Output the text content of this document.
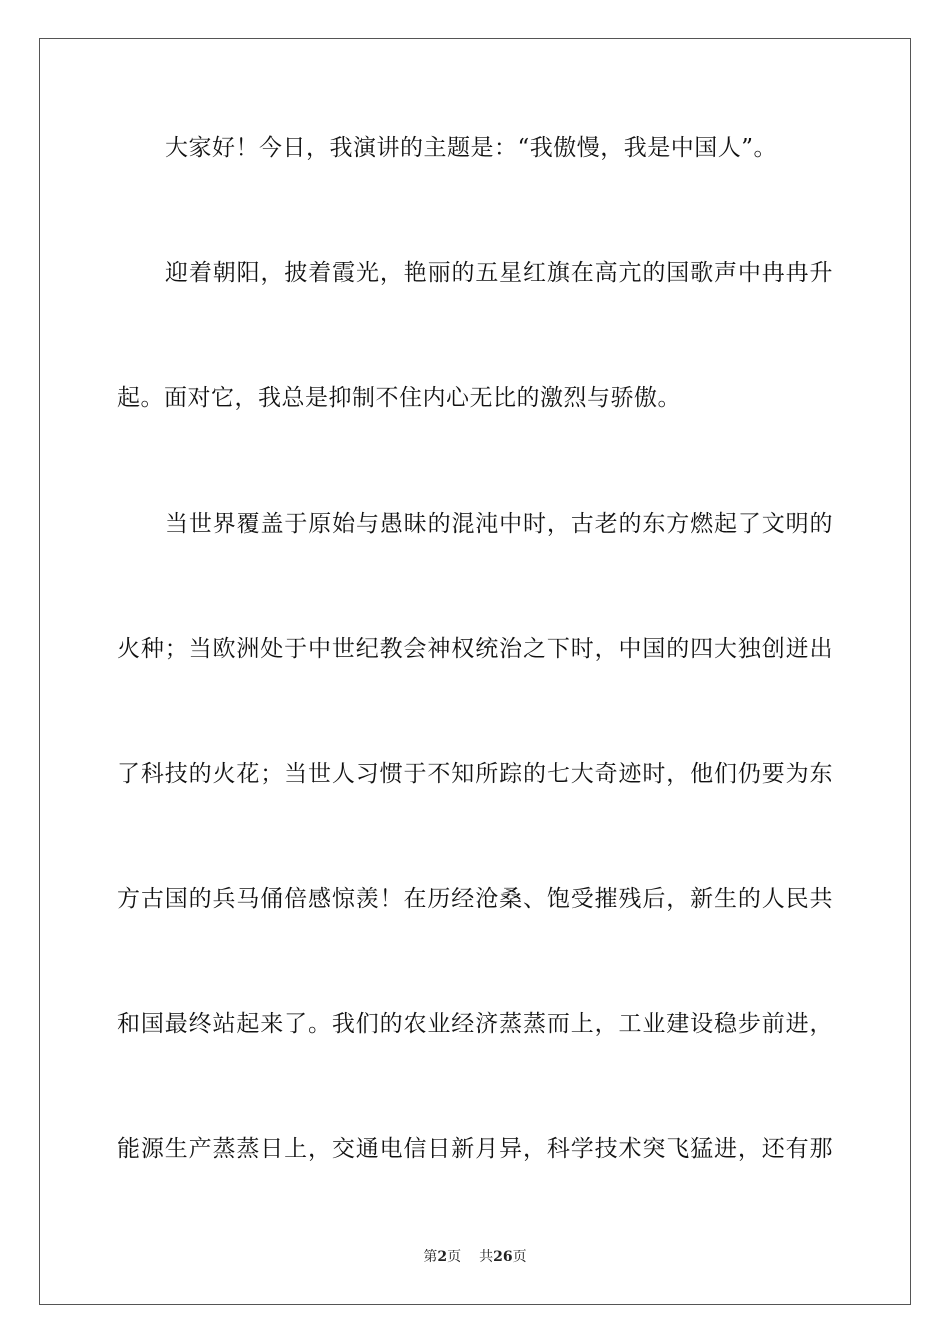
大家好！今日，我演讲的主题是：“我傲慢，我是中国人”。
迎着朝阳，披着霞光，艳丽的五星红旗在高亢的国歌声中冉冉升
起。面对它，我总是抑制不住内心无比的激烈与骄傲。
当世界覆盖于原始与愚昧的混沌中时，古老的东方燃起了文明的
火种；当欧洲处于中世纪教会神权统治之下时，中国的四大独创迸出
了科技的火花；当世人习惯于不知所踪的七大奇迹时，他们仍要为东
方古国的兵马俑倍感惊羡！在历经沧桑、饱受摧残后，新生的人民共
和国最终站起来了。我们的农业经济蒸蒸而上，工业建设稳步前进，
能源生产蒸蒸日上，交通电信日新月异，科学技术突飞猛进，还有那
第2页 共26页
